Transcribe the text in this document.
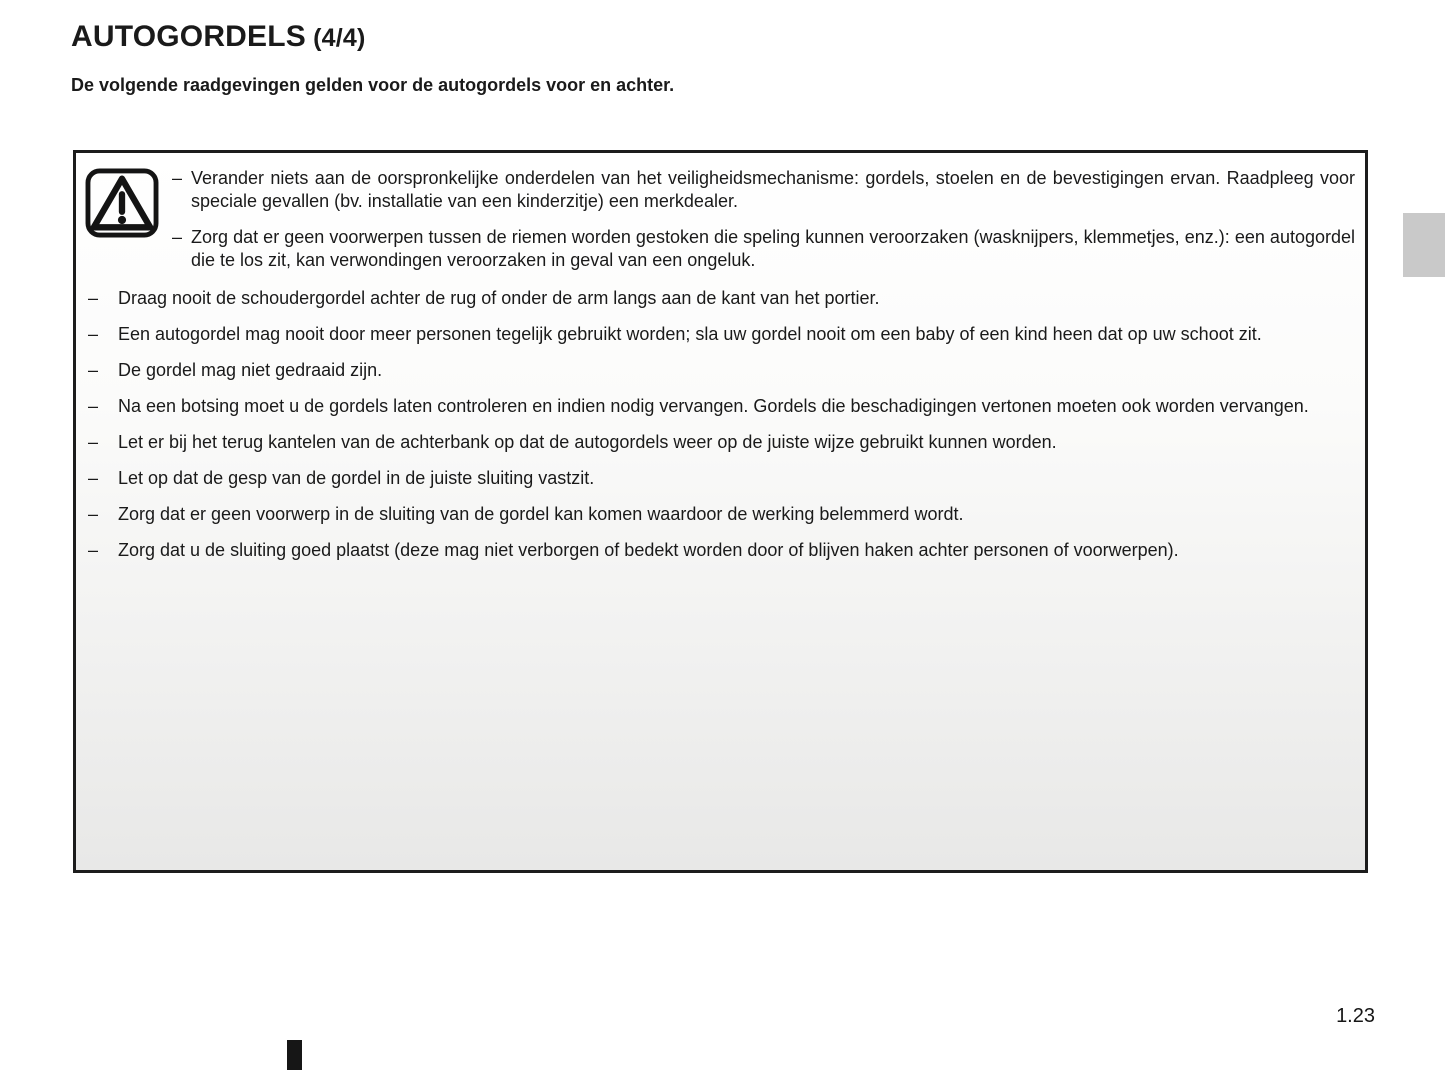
AUTOGORDELS (4/4)

De volgende raadgevingen gelden voor de autogordels voor en achter.

– Verander niets aan de oorspronkelijke onderdelen van het veiligheidsmechanisme: gordels, stoelen en de bevestigingen ervan. Raadpleeg voor speciale gevallen (bv. installatie van een kinderzitje) een merkdealer.
– Zorg dat er geen voorwerpen tussen de riemen worden gestoken die speling kunnen veroorzaken (wasknijpers, klemmetjes, enz.): een autogordel die te los zit, kan verwondingen veroorzaken in geval van een ongeluk.
–	Draag nooit de schoudergordel achter de rug of onder de arm langs aan de kant van het portier.
–	Een autogordel mag nooit door meer personen tegelijk gebruikt worden; sla uw gordel nooit om een baby of een kind heen dat op uw schoot zit.
–	De gordel mag niet gedraaid zijn.
–	Na een botsing moet u de gordels laten controleren en indien nodig vervangen. Gordels die beschadigingen vertonen moeten ook worden vervangen.
–	Let er bij het terug kantelen van de achterbank op dat de autogordels weer op de juiste wijze gebruikt kunnen worden.
–	Let op dat de gesp van de gordel in de juiste sluiting vastzit.
–	Zorg dat er geen voorwerp in de sluiting van de gordel kan komen waardoor de werking belemmerd wordt.
–	Zorg dat u de sluiting goed plaatst (deze mag niet verborgen of bedekt worden door of blijven haken achter personen of voorwerpen).
1.23
